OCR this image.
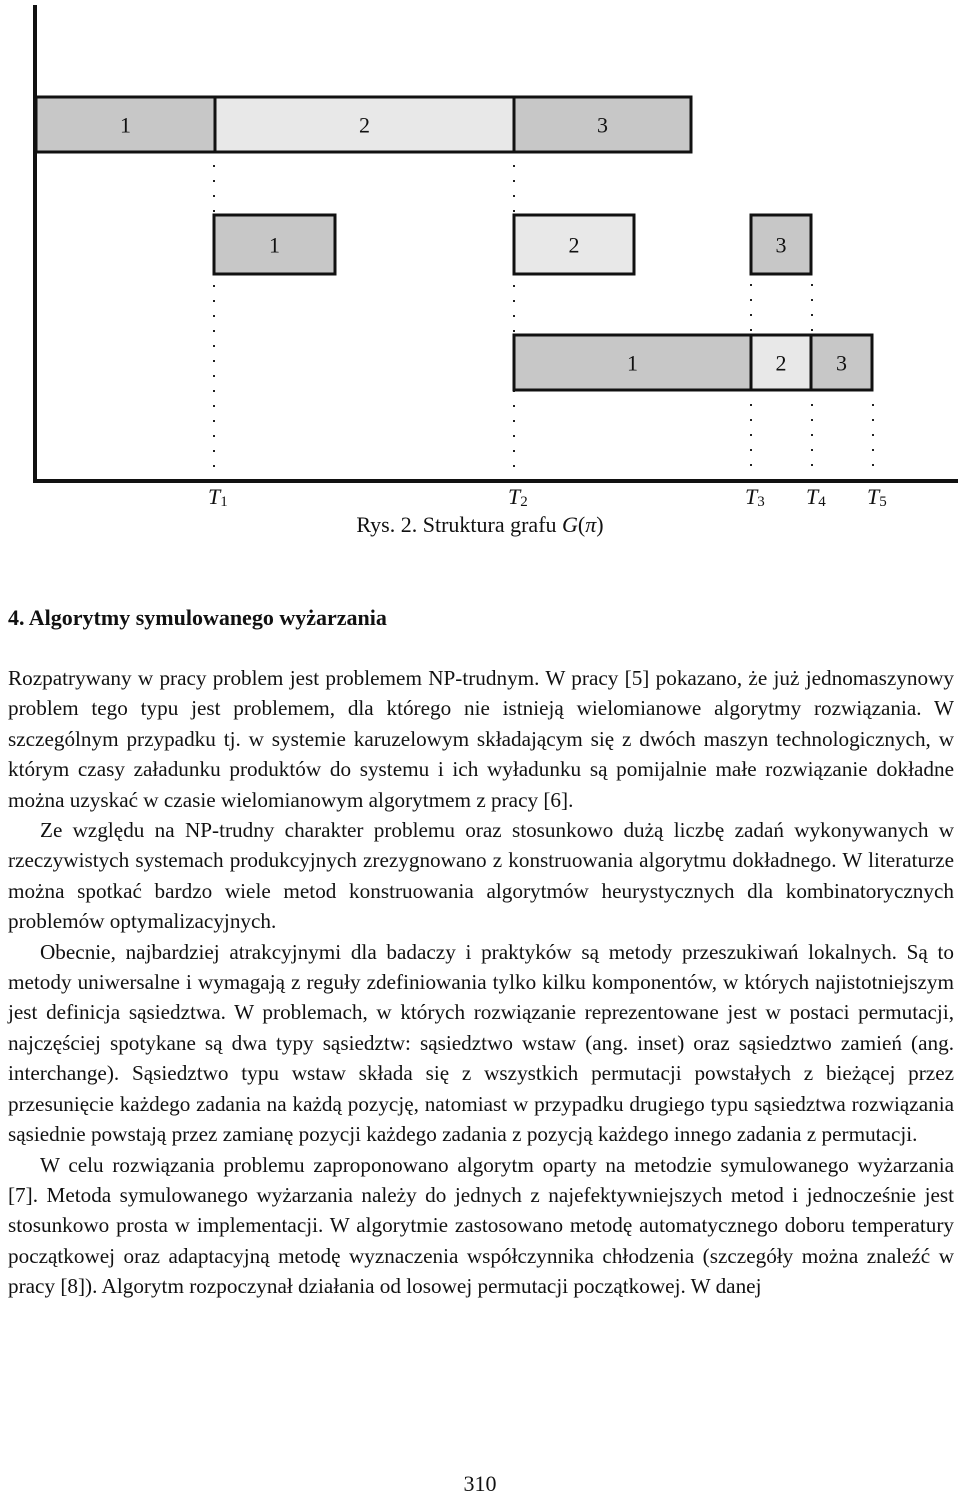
1	2	3
1	2	3
1	2 3
T1	T2	T3 T4 T5
Rys. 2. Struktura grafu G(π)
4. Algorytmy symulowanego wyżarzania

Rozpatrywany w pracy problem jest problemem NP-trudnym. W pracy [5] pokazano, że już jednomaszynowy problem tego typu jest problemem, dla którego nie istnieją wielomianowe algorytmy rozwiązania. W szczególnym przypadku tj. w systemie karuzelowym składającym się z dwóch maszyn technologicznych, w którym czasy załadunku produktów do systemu i ich wyładunku są pomijalnie małe rozwiązanie dokładne można uzyskać w czasie wielomianowym algorytmem z pracy [6].

Ze względu na NP-trudny charakter problemu oraz stosunkowo dużą liczbę zadań wykonywanych w rzeczywistych systemach produkcyjnych zrezygnowano z konstruowania algorytmu dokładnego. W literaturze można spotkać bardzo wiele metod konstruowania algorytmów heurystycznych dla kombinatorycznych problemów optymalizacyjnych.

Obecnie, najbardziej atrakcyjnymi dla badaczy i praktyków są metody przeszukiwań lokalnych. Są to metody uniwersalne i wymagają z reguły zdefiniowania tylko kilku komponentów, w których najistotniejszym jest definicja sąsiedztwa. W problemach, w których rozwiązanie reprezentowane jest w postaci permutacji, najczęściej spotykane są dwa typy sąsiedztw: sąsiedztwo wstaw (ang. inset) oraz sąsiedztwo zamień (ang. interchange). Sąsiedztwo typu wstaw składa się z wszystkich permutacji powstałych z bieżącej przez przesunięcie każdego zadania na każdą pozycję, natomiast w przypadku drugiego typu sąsiedztwa rozwiązania sąsiednie powstają przez zamianę pozycji każdego zadania z pozycją każdego innego zadania z permutacji.

W celu rozwiązania problemu zaproponowano algorytm oparty na metodzie symulowanego wyżarzania [7]. Metoda symulowanego wyżarzania należy do jednych z najefektywniejszych metod i jednocześnie jest stosunkowo prosta w implementacji. W algorytmie zastosowano metodę automatycznego doboru temperatury początkowej oraz adaptacyjną metodę wyznaczenia współczynnika chłodzenia (szczegóły można znaleźć w pracy [8]). Algorytm rozpoczynał działania od losowej permutacji początkowej. W danej

310
